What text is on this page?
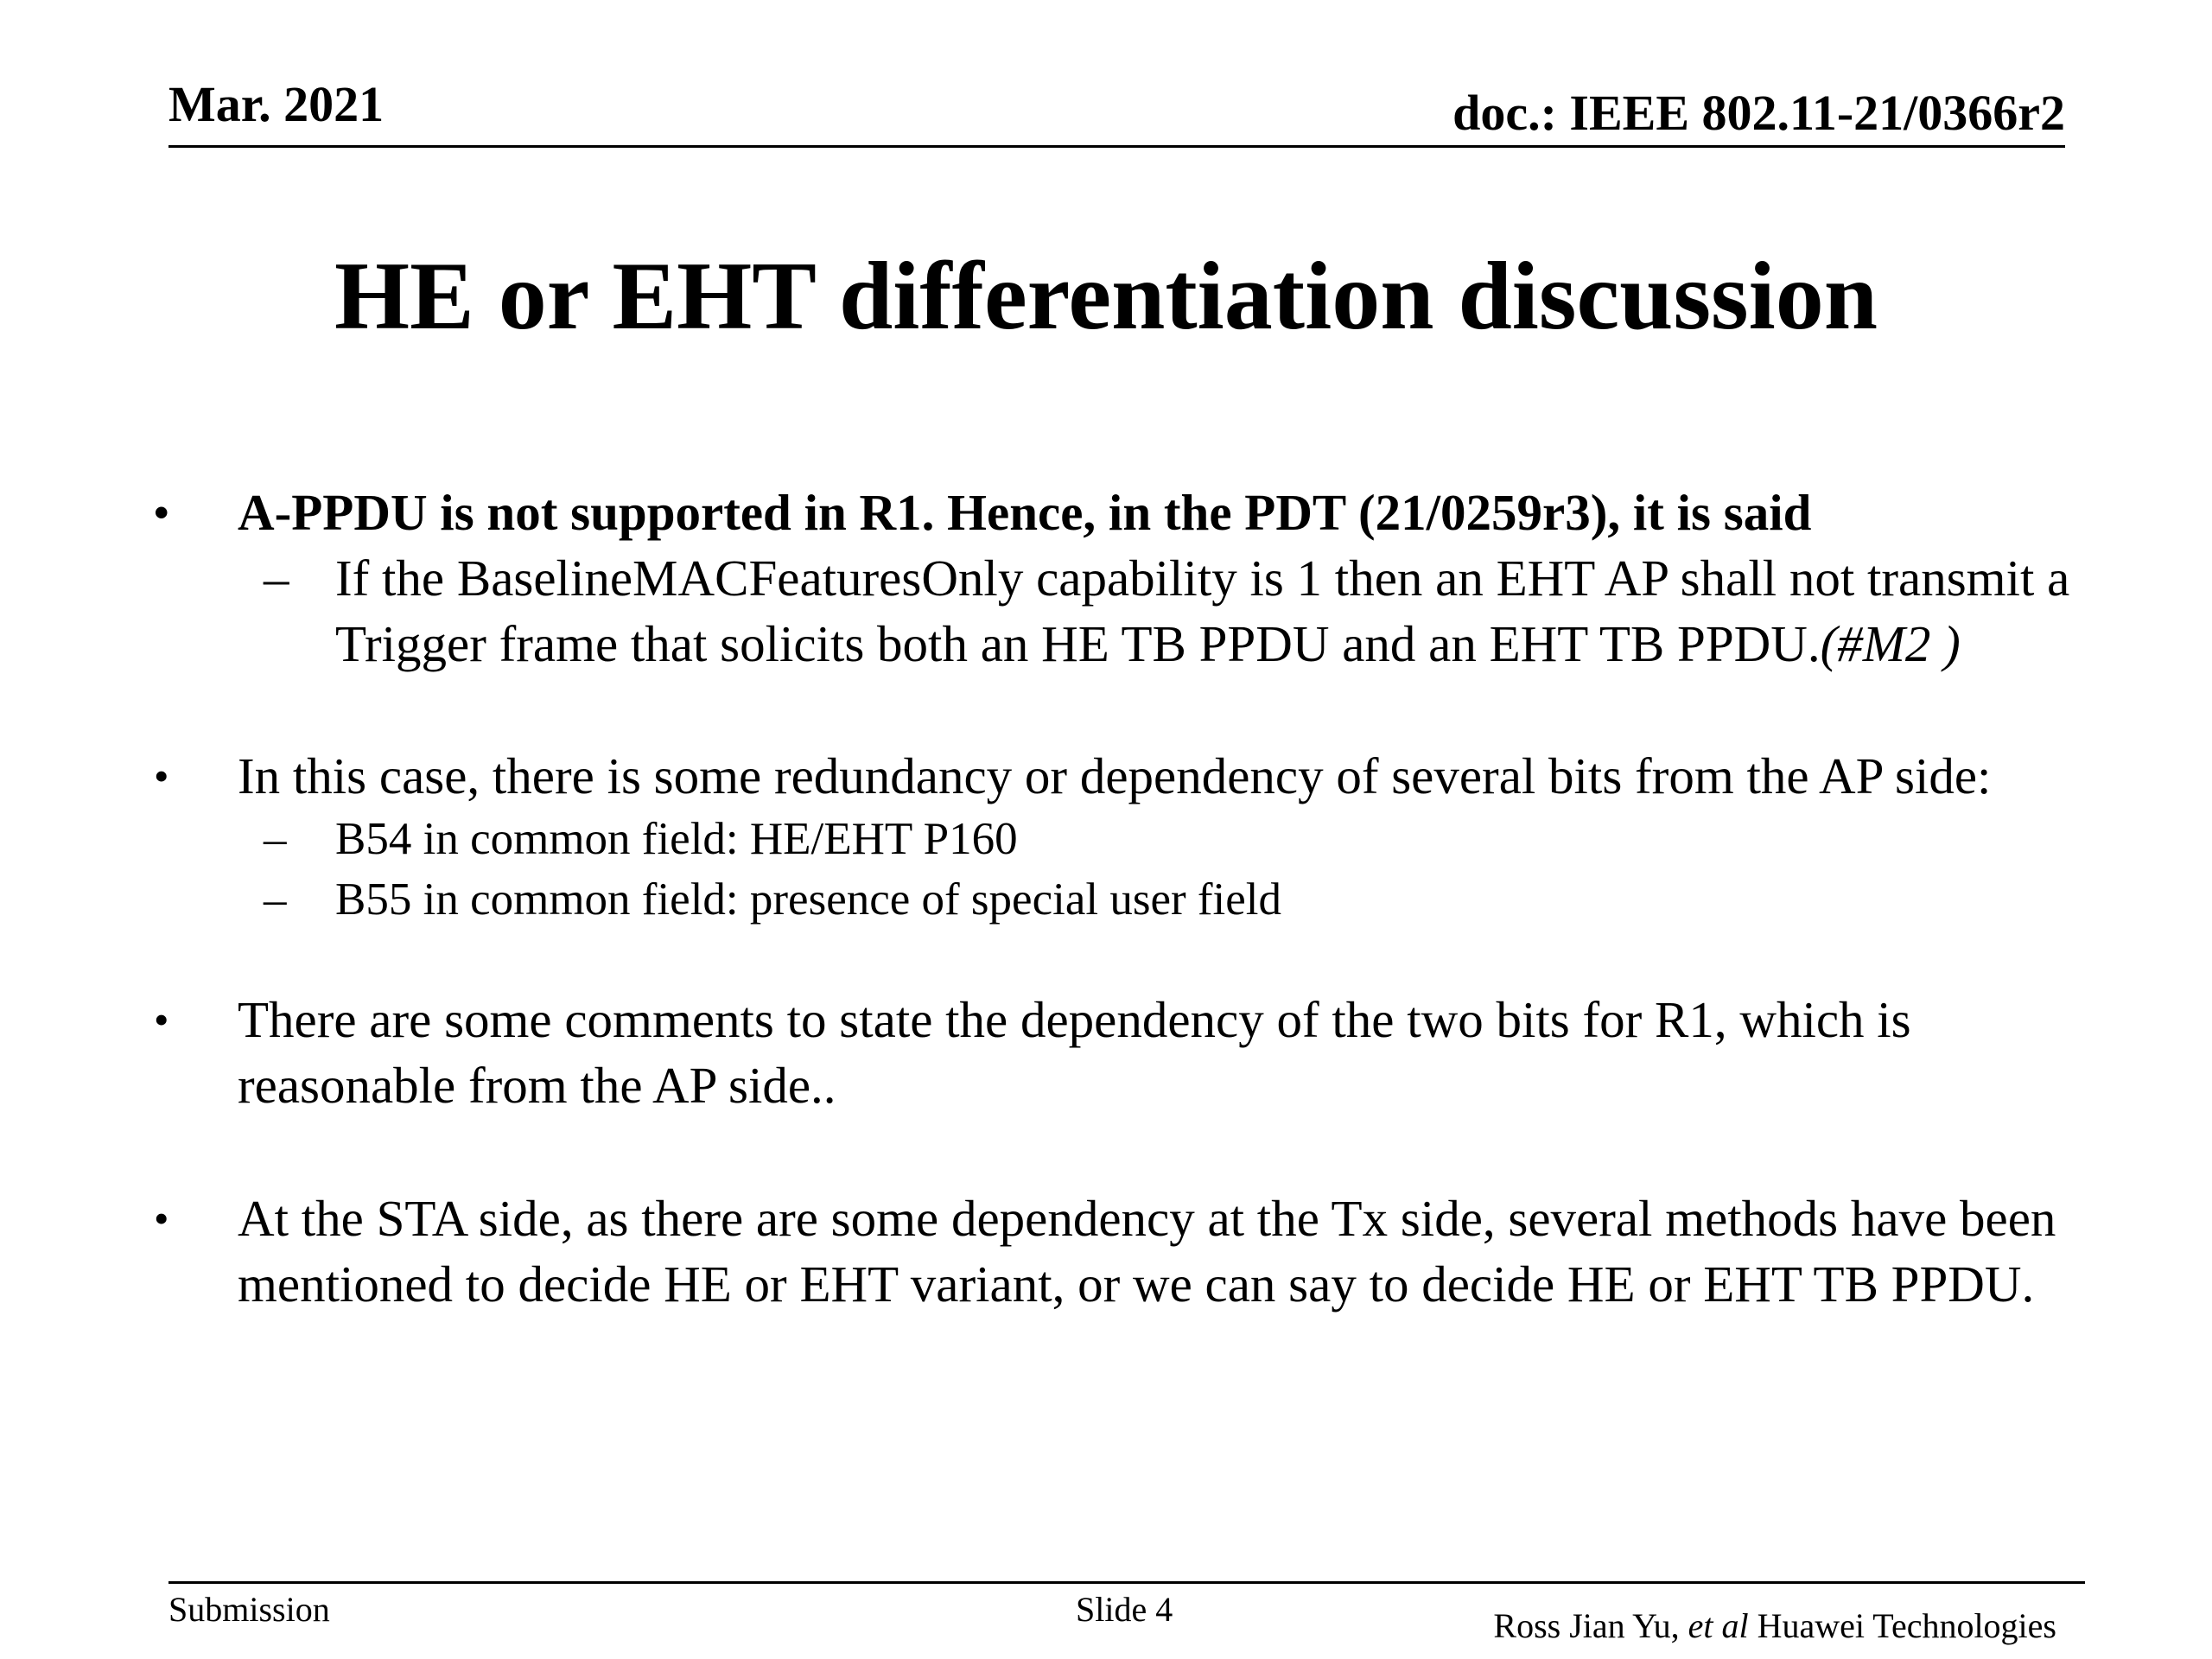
Mar. 2021	doc.: IEEE 802.11-21/0366r2
HE or EHT differentiation discussion
• A-PPDU is not supported in R1. Hence, in the PDT (21/0259r3), it is said
– If the BaselineMACFeaturesOnly capability is 1 then an EHT AP shall not transmit a Trigger frame that solicits both an HE TB PPDU and an EHT TB PPDU.(#M2 )
• In this case, there is some redundancy or dependency of several bits from the AP side:
– B54 in common field: HE/EHT P160
– B55 in common field: presence of special user field
• There are some comments to state the dependency of the two bits for R1, which is reasonable from the AP side..
• At the STA side, as there are some dependency at the Tx side, several methods have been mentioned to decide HE or EHT variant, or we can say to decide HE or EHT TB PPDU.
Submission	Slide 4	Ross Jian Yu, et al Huawei Technologies
